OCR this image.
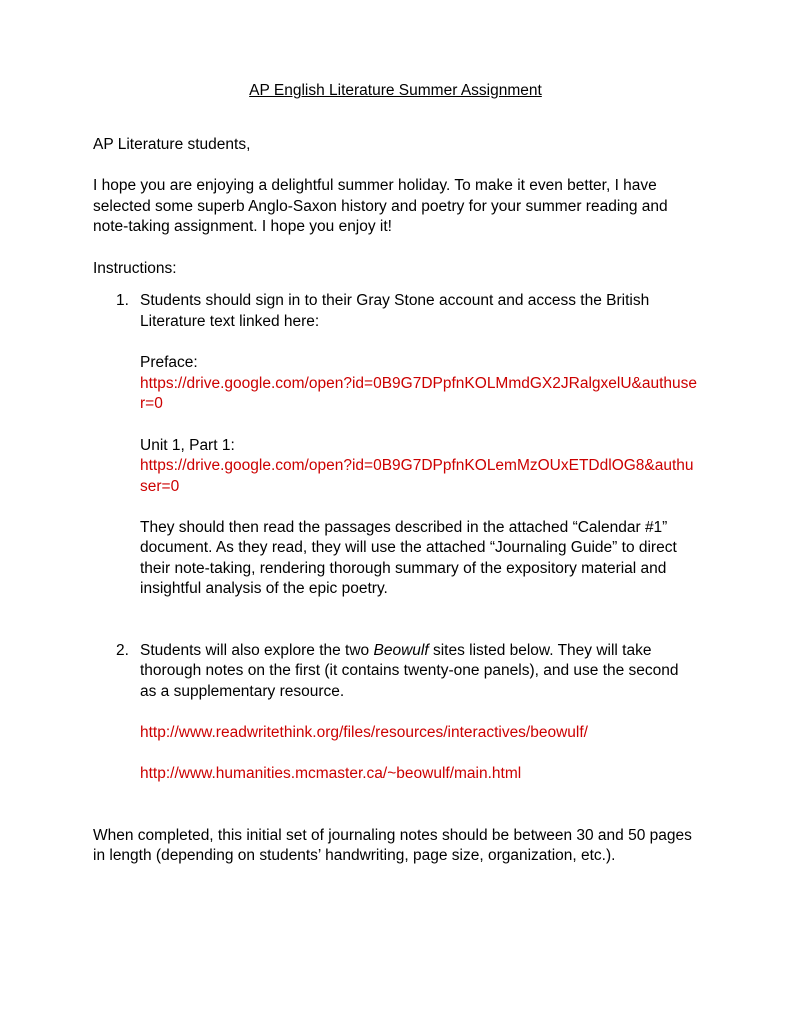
AP English Literature Summer Assignment
AP Literature students,
I hope you are enjoying a delightful summer holiday. To make it even better, I have
selected some superb Anglo-Saxon history and poetry for your summer reading and
note-taking assignment. I hope you enjoy it!
Instructions:
1. Students should sign in to their Gray Stone account and access the British
Literature text linked here:
Preface:
https://drive.google.com/open?id=0B9G7DPpfnKOLMmdGX2JRalgxelU&authuse
r=0
Unit 1, Part 1:
https://drive.google.com/open?id=0B9G7DPpfnKOLemMzOUxETDdlOG8&authu
ser=0
They should then read the passages described in the attached “Calendar #1”
document. As they read, they will use the attached “Journaling Guide” to direct
their note-taking, rendering thorough summary of the expository material and
insightful analysis of the epic poetry.
2. Students will also explore the two Beowulf sites listed below. They will take
thorough notes on the first (it contains twenty-one panels), and use the second
as a supplementary resource.
http://www.readwritethink.org/files/resources/interactives/beowulf/
http://www.humanities.mcmaster.ca/~beowulf/main.html
When completed, this initial set of journaling notes should be between 30 and 50 pages
in length (depending on students’ handwriting, page size, organization, etc.).
